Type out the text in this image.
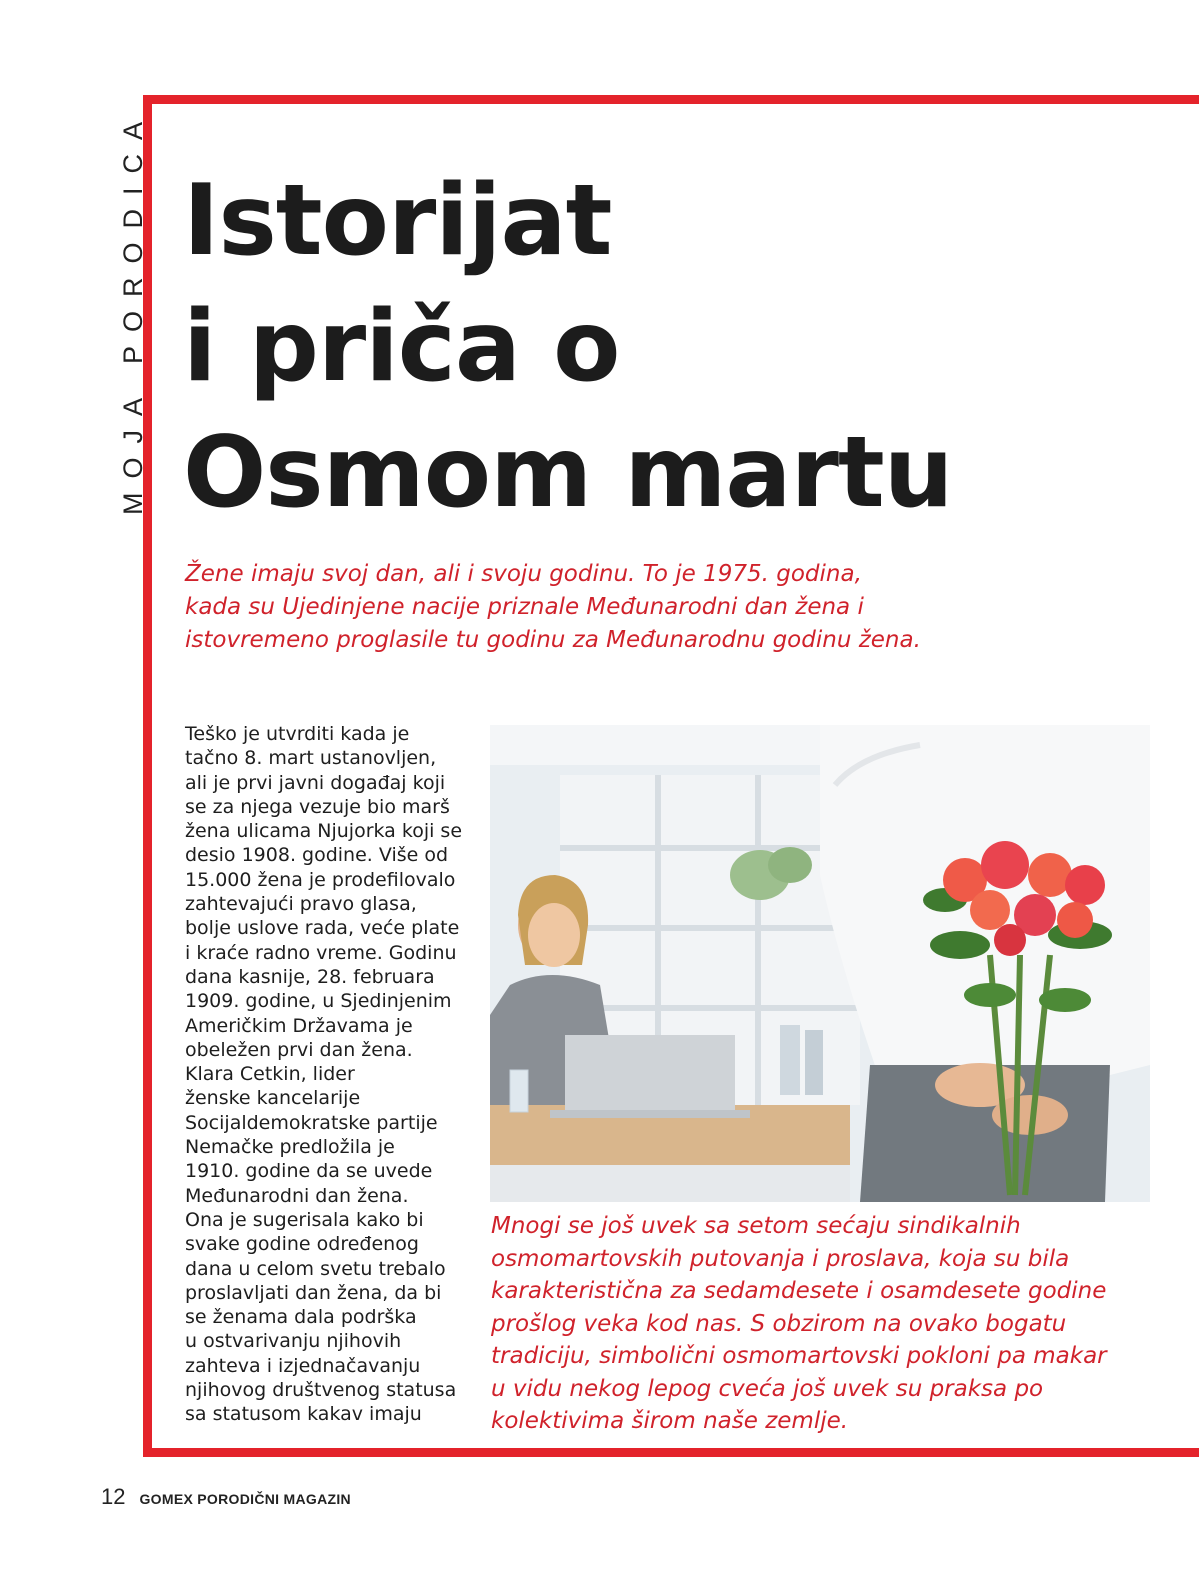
MOJA PORODICA Istorijat
i priča o
Osmom martu
Žene imaju svoj dan, ali i svoju godinu. To je 1975. godina,
kada su Ujedinjene nacije priznale Međunarodni dan žena i
istovremeno proglasile tu godinu za Međunarodnu godinu žena.
Teško je utvrditi kada je
tačno 8. mart ustanovljen,
ali je prvi javni događaj koji
se za njega vezuje bio marš
žena ulicama Njujorka koji se
desio 1908. godine. Više od
15.000 žena je prodefilovalo
zahtevajući pravo glasa,
bolje uslove rada, veće plate
i kraće radno vreme. Godinu
dana kasnije, 28. februara
1909. godine, u Sjedinjenim
Američkim Državama je
obeležen prvi dan žena.
Klara Cetkin, lider
ženske kancelarije
Socijaldemokratske partije
Nemačke predložila je
1910. godine da se uvede
Međunarodni dan žena.
Ona je sugerisala kako bi
svake godine određenog
dana u celom svetu trebalo
proslavljati dan žena, da bi
se ženama dala podrška
u ostvarivanju njihovih
zahteva i izjednačavanju
njihovog društvenog statusa
sa statusom kakav imaju
Mnogi se još uvek sa setom sećaju sindikalnih
osmomartovskih putovanja i proslava, koja su bila
karakteristična za sedamdesete i osamdesete godine
prošlog veka kod nas. S obzirom na ovako bogatu
tradiciju, simbolični osmomartovski pokloni pa makar
u vidu nekog lepog cveća još uvek su praksa po
kolektivima širom naše zemlje.
12 GOMEX PORODIČNI MAGAZIN
